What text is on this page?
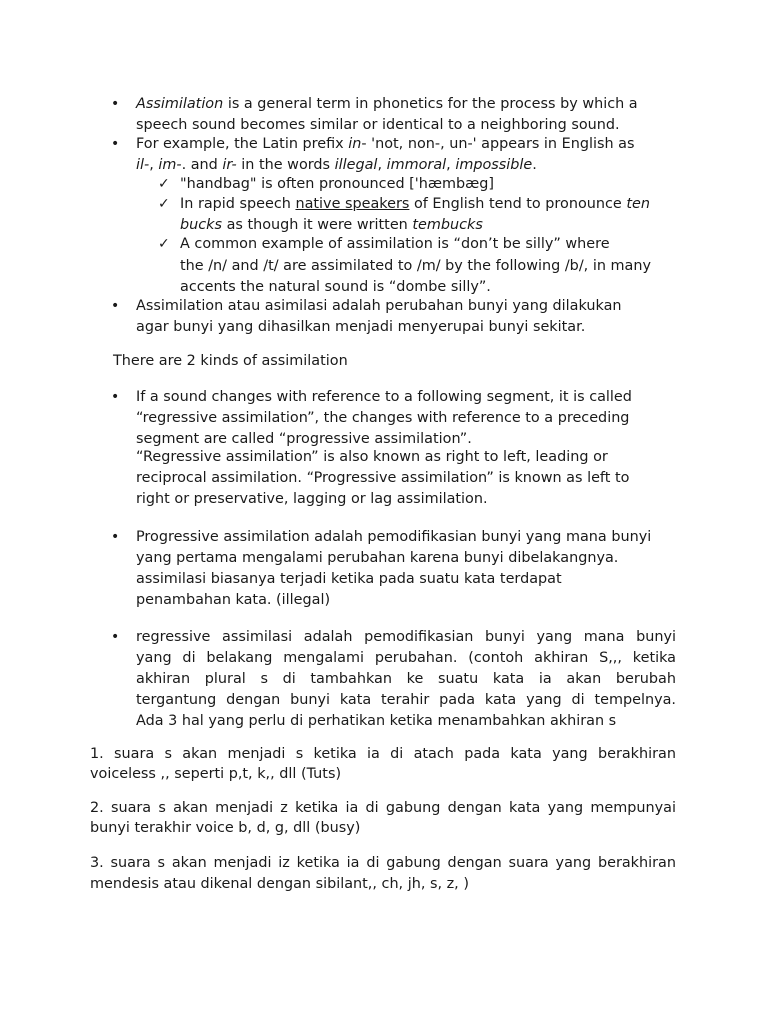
• Assimilation is a general term in phonetics for the process by which a
speech sound becomes similar or identical to a neighboring sound.
• For example, the Latin prefix in- 'not, non-, un-' appears in English as
il-, im-. and ir- in the words illegal, immoral, impossible.
✓ "handbag" is often pronounced ['hæmbæg]
✓ In rapid speech native speakers of English tend to pronounce ten
bucks as though it were written tembucks
✓ A common example of assimilation is “don’t be silly” where
the /n/ and /t/ are assimilated to /m/ by the following /b/, in many
accents the natural sound is “dombe silly”.
• Assimilation atau asimilasi adalah perubahan bunyi yang dilakukan
agar bunyi yang dihasilkan menjadi menyerupai bunyi sekitar.
There are 2 kinds of assimilation
• If a sound changes with reference to a following segment, it is called
“regressive assimilation”, the changes with reference to a preceding
segment are called “progressive assimilation”.
“Regressive assimilation” is also known as right to left, leading or
reciprocal assimilation. “Progressive assimilation” is known as left to
right or preservative, lagging or lag assimilation.
• Progressive assimilation adalah pemodifikasian bunyi yang mana bunyi
yang pertama mengalami perubahan karena bunyi dibelakangnya.
assimilasi biasanya terjadi ketika pada suatu kata terdapat
penambahan kata. (illegal)
• regressive assimilasi adalah pemodifikasian bunyi yang mana bunyi
yang di belakang mengalami perubahan. (contoh akhiran S,,, ketika
akhiran plural s di tambahkan ke suatu kata ia akan berubah
tergantung dengan bunyi kata terahir pada kata yang di tempelnya.
Ada 3 hal yang perlu di perhatikan ketika menambahkan akhiran s
1. suara s akan menjadi s ketika ia di atach pada kata yang berakhiran
voiceless ,, seperti p,t, k,, dll (Tuts)
2. suara s akan menjadi z ketika ia di gabung dengan kata yang mempunyai
bunyi terakhir voice b, d, g, dll (busy)
3. suara s akan menjadi iz ketika ia di gabung dengan suara yang berakhiran
mendesis atau dikenal dengan sibilant,, ch, jh, s, z, )
